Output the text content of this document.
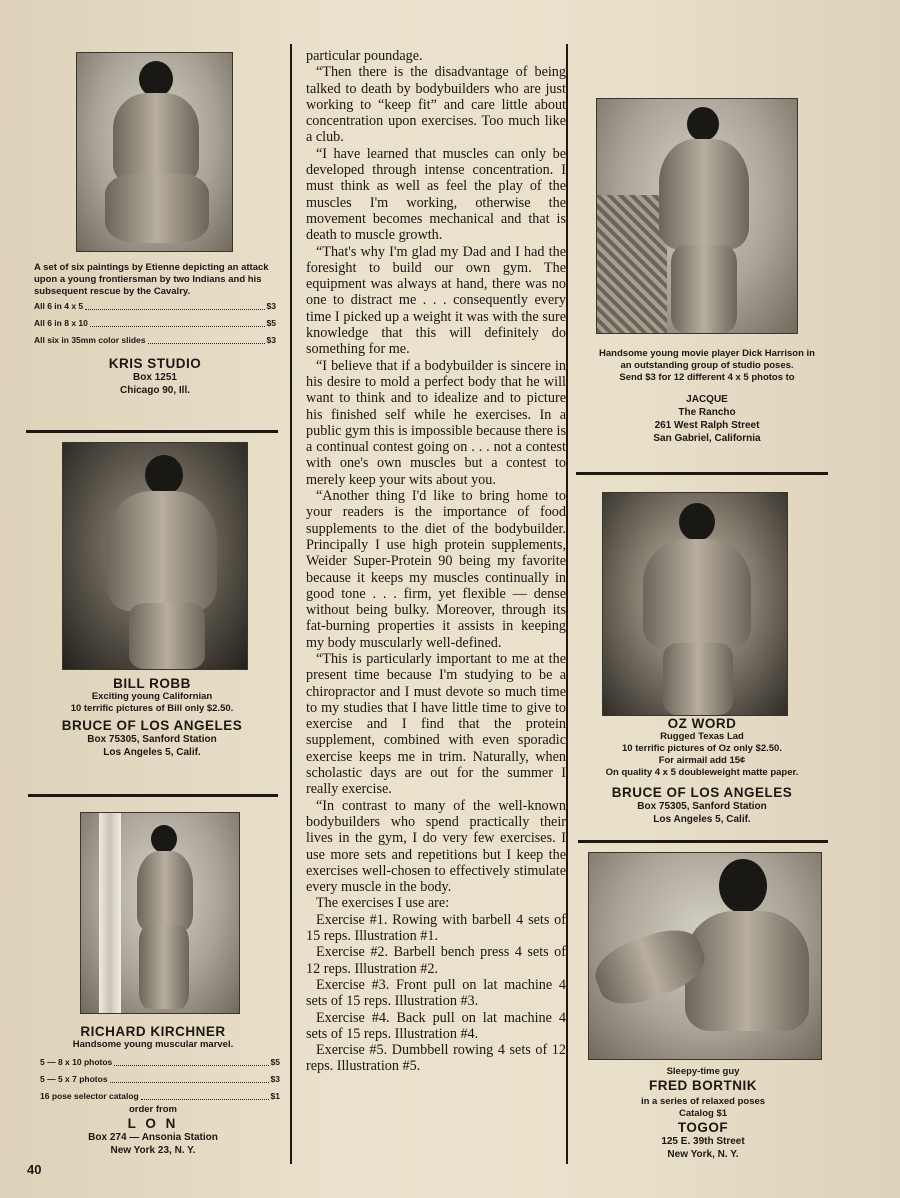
A set of six paintings by Etienne depicting an attack upon a young frontiersman by two Indians and his subsequent rescue by the Cavalry.
All 6 in 4 x 5	$3
All 6 in 8 x 10	$5
All six in 35mm color slides	$3
KRIS STUDIO
Box 1251
Chicago 90, Ill.
BILL ROBB
Exciting young Californian
10 terrific pictures of Bill only $2.50.
BRUCE OF LOS ANGELES
Box 75305, Sanford Station
Los Angeles 5, Calif.
RICHARD KIRCHNER
Handsome young muscular marvel.
5 — 8 x 10 photos	$5
5 — 5 x 7 photos	$3
16 pose selector catalog	$1
order from
L O N
Box 274 — Ansonia Station
New York 23, N. Y.
40

particular poundage.

“Then there is the disadvantage of being talked to death by bodybuilders who are just working to “keep fit” and care little about concentration upon exercises. Too much like a club.

“I have learned that muscles can only be developed through intense concentration. I must think as well as feel the play of the muscles I'm working, otherwise the movement becomes mechanical and that is death to muscle growth.

“That's why I'm glad my Dad and I had the foresight to build our own gym. The equipment was always at hand, there was no one to distract me . . . consequently every time I picked up a weight it was with the sure knowledge that this will definitely do something for me.

“I believe that if a bodybuilder is sincere in his desire to mold a perfect body that he will want to think and to idealize and to picture his finished self while he exercises. In a public gym this is impossible because there is a continual contest going on . . . not a contest with one's own muscles but a contest to merely keep your wits about you.

“Another thing I'd like to bring home to your readers is the importance of food supplements to the diet of the bodybuilder. Principally I use high protein supplements, Weider Super-Protein 90 being my favorite because it keeps my muscles continually in good tone . . . firm, yet flexible — dense without being bulky. Moreover, through its fat-burning properties it assists in keeping my body muscularly well-defined.

“This is particularly important to me at the present time because I'm studying to be a chiropractor and I must devote so much time to my studies that I have little time to give to exercise and I find that the protein supplement, combined with even sporadic exercise keeps me in trim. Naturally, when scholastic days are out for the summer I really exercise.

“In contrast to many of the well-known bodybuilders who spend practically their lives in the gym, I do very few exercises. I use more sets and repetitions but I keep the exercises well-chosen to effectively stimulate every muscle in the body.

The exercises I use are:

Exercise #1. Rowing with barbell 4 sets of 15 reps. Illustration #1.

Exercise #2. Barbell bench press 4 sets of 12 reps. Illustration #2.

Exercise #3. Front pull on lat machine 4 sets of 15 reps. Illustration #3.

Exercise #4. Back pull on lat machine 4 sets of 15 reps. Illustration #4.

Exercise #5. Dumbbell rowing 4 sets of 12 reps. Illustration #5.

Handsome young movie player Dick Harrison in
an outstanding group of studio poses.
Send $3 for 12 different 4 x 5 photos to
JACQUE
The Rancho
261 West Ralph Street
San Gabriel, California
OZ WORD
Rugged Texas Lad
10 terrific pictures of Oz only $2.50.
For airmail add 15¢
On quality 4 x 5 doubleweight matte paper.
BRUCE OF LOS ANGELES
Box 75305, Sanford Station
Los Angeles 5, Calif.
Sleepy-time guy
FRED BORTNIK
in a series of relaxed poses
Catalog $1
TOGOF
125 E. 39th Street
New York, N. Y.
